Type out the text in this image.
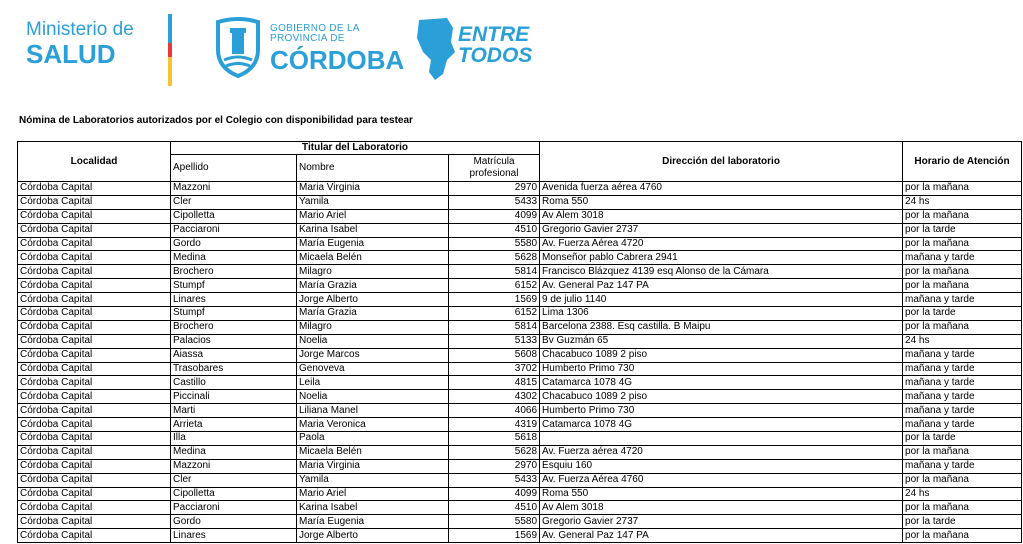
Ministerio de
SALUD
GOBIERNO DE LA
PROVINCIA DE
CÓRDOBA
ENTRE
TODOS
Nómina de Laboratorios autorizados por el Colegio con disponibilidad para testear
Localidad	Titular del Laboratorio			Dirección del laboratorio	Horario de Atención
	Apellido	Nombre	Matrícula profesional		
Córdoba Capital	Mazzoni	Maria Virginia	2970	Avenida fuerza aérea 4760	por la mañana
Córdoba Capital	Cler	Yamila	5433	Roma 550	24 hs
Córdoba Capital	Cipolletta	Mario Ariel	4099	Av Alem 3018	por la mañana
Córdoba Capital	Pacciaroni	Karina Isabel	4510	Gregorio Gavier 2737	por la tarde
Córdoba Capital	Gordo	María Eugenia	5580	Av. Fuerza Aérea 4720	por la mañana
Córdoba Capital	Medina	Micaela Belén	5628	Monseñor pablo Cabrera 2941	mañana y tarde
Córdoba Capital	Brochero	Milagro	5814	Francisco Blázquez 4139 esq Alonso de la Cámara	por la mañana
Córdoba Capital	Stumpf	María Grazia	6152	Av. General Paz 147 PA	por la mañana
Córdoba Capital	Linares	Jorge Alberto	1569	9 de julio 1140	mañana y tarde
Córdoba Capital	Stumpf	María Grazia	6152	Lima 1306	por la tarde
Córdoba Capital	Brochero	Milagro	5814	Barcelona 2388. Esq castilla. B Maipu	por la mañana
Córdoba Capital	Palacios	Noelia	5133	Bv Guzmán 65	24 hs
Córdoba Capital	Aiassa	Jorge Marcos	5608	Chacabuco 1089 2 piso	mañana y tarde
Córdoba Capital	Trasobares	Genoveva	3702	Humberto Primo 730	mañana y tarde
Córdoba Capital	Castillo	Leila	4815	Catamarca 1078 4G	mañana y tarde
Córdoba Capital	Piccinali	Noelia	4302	Chacabuco 1089 2 piso	mañana y tarde
Córdoba Capital	Marti	Liliana Manel	4066	Humberto Primo 730	mañana y tarde
Córdoba Capital	Arrieta	Maria Veronica	4319	Catamarca 1078 4G	mañana y tarde
Córdoba Capital	Illa	Paola	5618		por la tarde
Córdoba Capital	Medina	Micaela Belén	5628	Av. Fuerza aérea 4720	por la mañana
Córdoba Capital	Mazzoni	Maria Virginia	2970	Esquiu 160	mañana y tarde
Córdoba Capital	Cler	Yamila	5433	Av. Fuerza Aérea 4760	por la mañana
Córdoba Capital	Cipolletta	Mario Ariel	4099	Roma 550	24 hs
Córdoba Capital	Pacciaroni	Karina Isabel	4510	Av Alem 3018	por la mañana
Córdoba Capital	Gordo	María Eugenia	5580	Gregorio Gavier 2737	por la tarde
Córdoba Capital	Linares	Jorge Alberto	1569	Av. General Paz 147 PA	por la mañana
